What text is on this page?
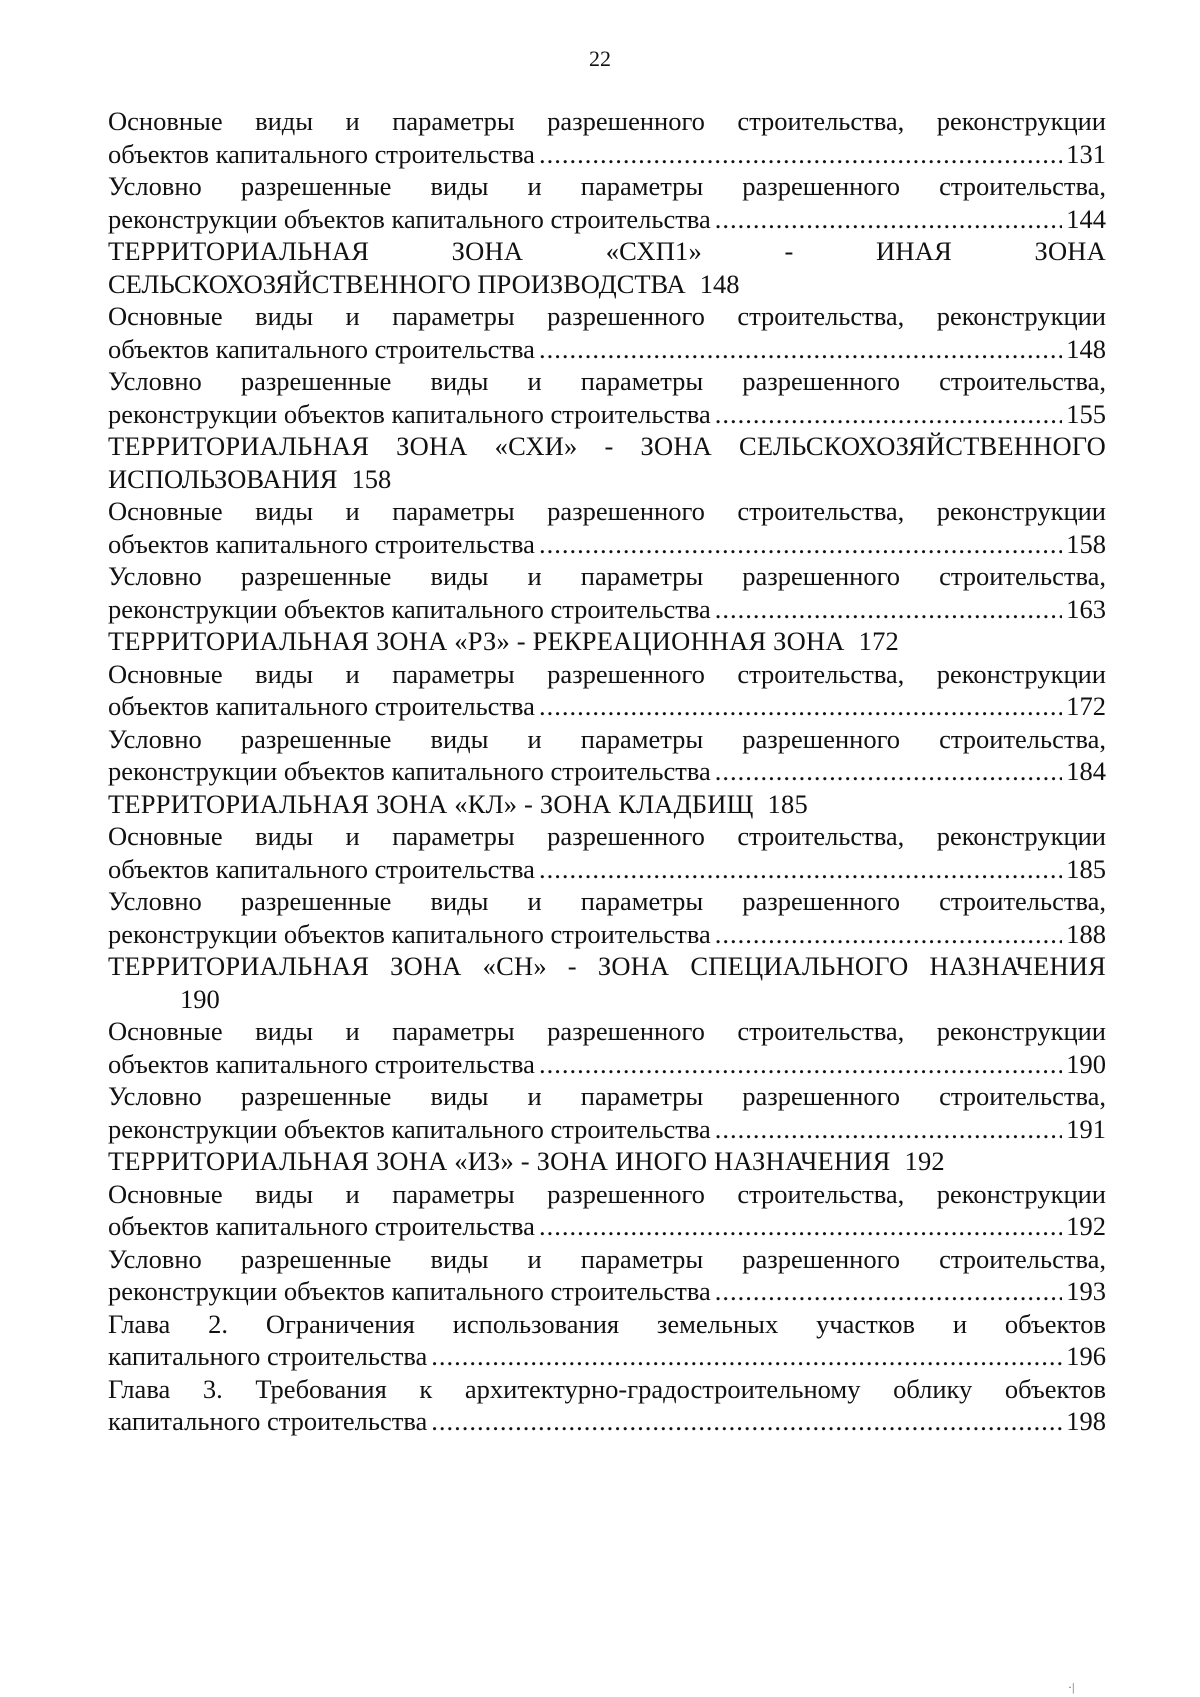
22
Основные виды и параметры разрешенного строительства, реконструкции
объектов капитального строительства .....	131
Условно разрешенные виды и параметры разрешенного строительства,
реконструкции объектов капитального строительства .....	144
ТЕРРИТОРИАЛЬНАЯ ЗОНА «СХП1» - ИНАЯ ЗОНА
СЕЛЬСКОХОЗЯЙСТВЕННОГО ПРОИЗВОДСТВА 148
Основные виды и параметры разрешенного строительства, реконструкции
объектов капитального строительства .....	148
Условно разрешенные виды и параметры разрешенного строительства,
реконструкции объектов капитального строительства .....	155
ТЕРРИТОРИАЛЬНАЯ ЗОНА «СХИ» - ЗОНА СЕЛЬСКОХОЗЯЙСТВЕННОГО
ИСПОЛЬЗОВАНИЯ 158
Основные виды и параметры разрешенного строительства, реконструкции
объектов капитального строительства .....	158
Условно разрешенные виды и параметры разрешенного строительства,
реконструкции объектов капитального строительства .....	163
ТЕРРИТОРИАЛЬНАЯ ЗОНА «РЗ» - РЕКРЕАЦИОННАЯ ЗОНА 172
Основные виды и параметры разрешенного строительства, реконструкции
объектов капитального строительства .....	172
Условно разрешенные виды и параметры разрешенного строительства,
реконструкции объектов капитального строительства .....	184
ТЕРРИТОРИАЛЬНАЯ ЗОНА «КЛ» - ЗОНА КЛАДБИЩ 185
Основные виды и параметры разрешенного строительства, реконструкции
объектов капитального строительства .....	185
Условно разрешенные виды и параметры разрешенного строительства,
реконструкции объектов капитального строительства .....	188
ТЕРРИТОРИАЛЬНАЯ ЗОНА «СН» - ЗОНА СПЕЦИАЛЬНОГО НАЗНАЧЕНИЯ
190
Основные виды и параметры разрешенного строительства, реконструкции
объектов капитального строительства .....	190
Условно разрешенные виды и параметры разрешенного строительства,
реконструкции объектов капитального строительства .....	191
ТЕРРИТОРИАЛЬНАЯ ЗОНА «ИЗ» - ЗОНА ИНОГО НАЗНАЧЕНИЯ 192
Основные виды и параметры разрешенного строительства, реконструкции
объектов капитального строительства .....	192
Условно разрешенные виды и параметры разрешенного строительства,
реконструкции объектов капитального строительства .....	193
Глава 2. Ограничения использования земельных участков и объектов
капитального строительства .....	196
Глава 3. Требования к архитектурно-градостроительному облику объектов
капитального строительства .....	198
·|
